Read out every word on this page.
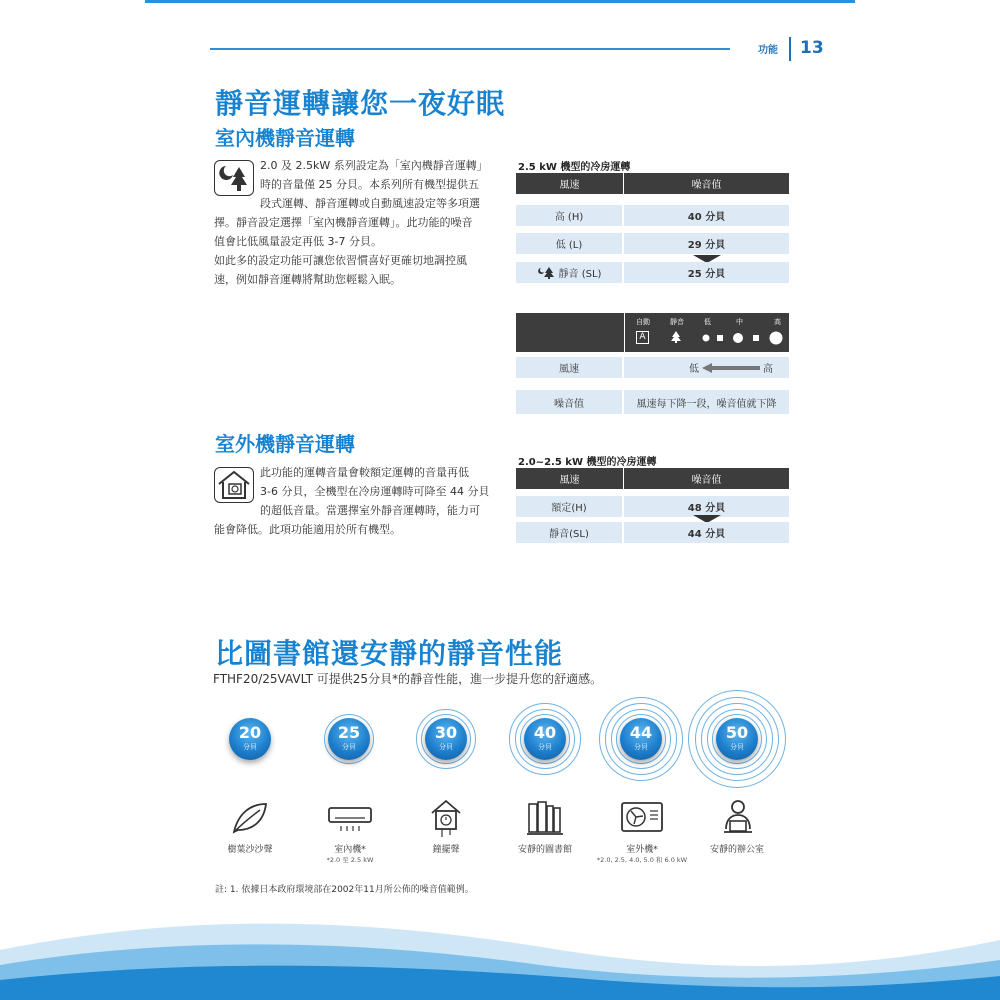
功能 13
靜音運轉讓您一夜好眠
室內機靜音運轉
2.0 及 2.5kW 系列設定為「室內機靜音運轉」
時的音量僅 25 分貝。本系列所有機型提供五
段式運轉、靜音運轉或自動風速設定等多項選
擇。靜音設定選擇「室內機靜音運轉」。此功能的噪音
值會比低風量設定再低 3-7 分貝。
如此多的設定功能可讓您依習慣喜好更確切地調控風
速，例如靜音運轉將幫助您輕鬆入眠。
2.5 kW 機型的冷房運轉
風速	噪音值
高 (H)	40 分貝
低 (L)	29 分貝
靜音 (SL)	25 分貝
自動	靜音	低	中	高
A
風速	低	高
噪音值	風速每下降一段，噪音值就下降
室外機靜音運轉
此功能的運轉音量會較額定運轉的音量再低
3-6 分貝，全機型在冷房運轉時可降至 44 分貝
的超低音量。當選擇室外靜音運轉時，能力可
能會降低。此項功能適用於所有機型。
2.0~2.5 kW 機型的冷房運轉
風速	噪音值
額定(H)	48 分貝
靜音(SL)	44 分貝
比圖書館還安靜的靜音性能
FTHF20/25VAVLT 可提供25分貝*的靜音性能，進一步提升您的舒適感。
20
分貝
25
分貝
30
分貝
40
分貝
44
分貝
50
分貝
樹葉沙沙聲	室內機*
*2.0 至 2.5 kW
鐘擺聲	安靜的圖書館	室外機*
*2.0, 2.5, 4.0, 5.0 和 6.0 kW
安靜的辦公室
註: 1. 依據日本政府環境部在2002年11月所公佈的噪音值範例。
